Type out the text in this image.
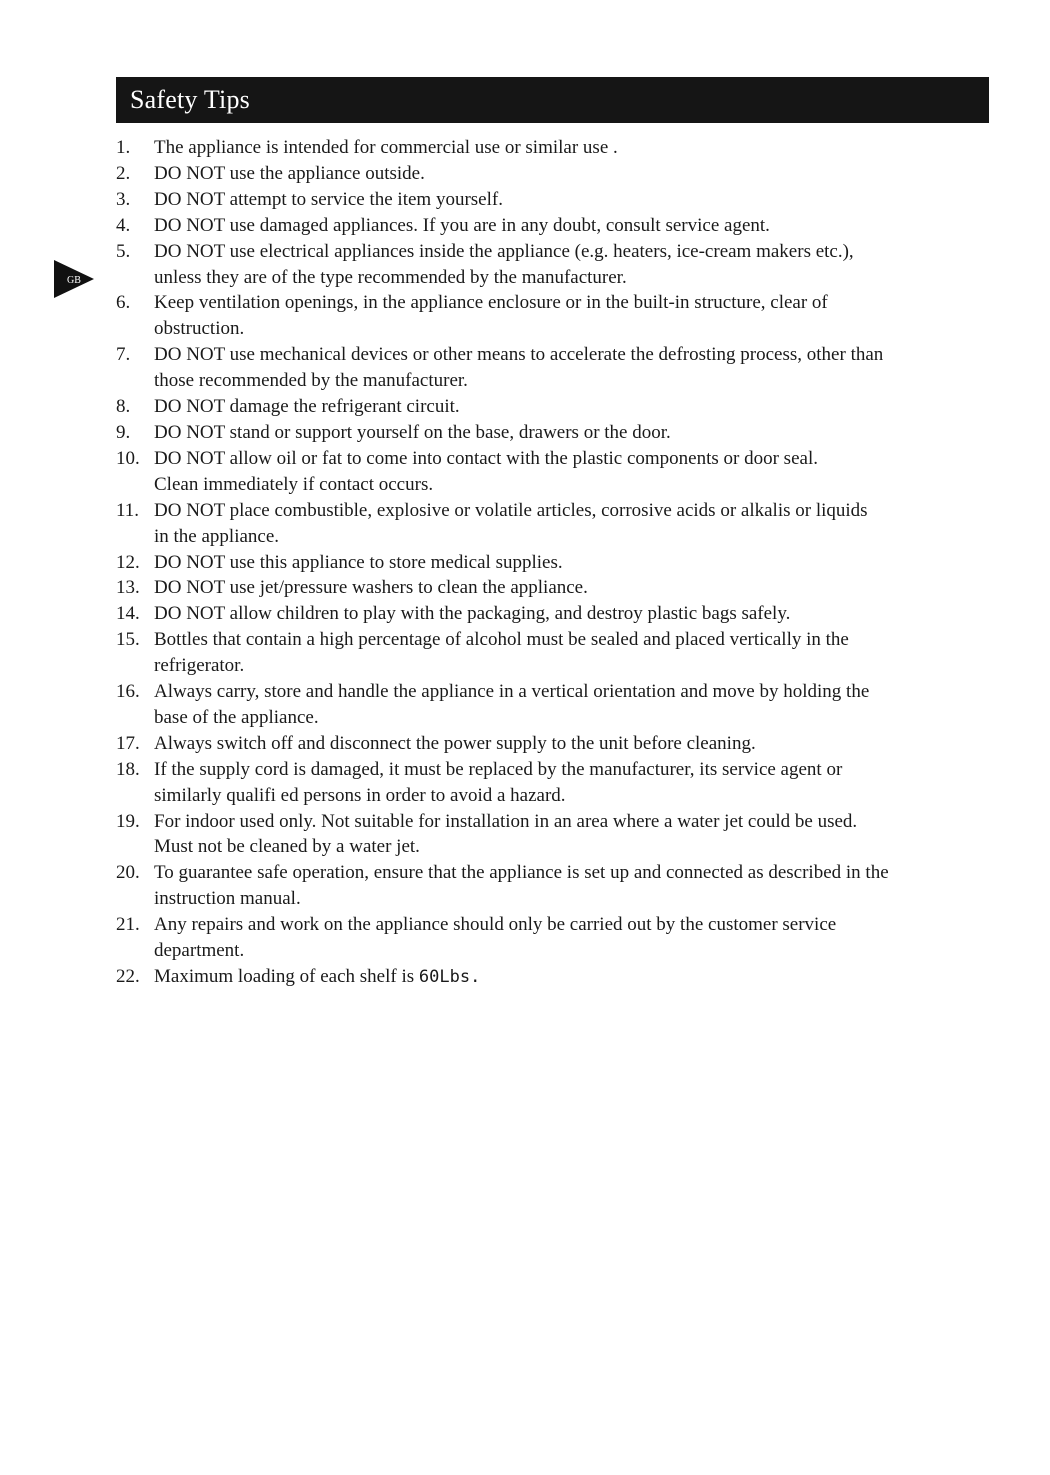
Safety Tips
GB
1. The appliance is intended for commercial use or similar use .
2. DO NOT use the appliance outside.
3. DO NOT attempt to service the item yourself.
4. DO NOT use damaged appliances. If you are in any doubt, consult service agent.
5. DO NOT use electrical appliances inside the appliance (e.g. heaters, ice-cream makers etc.),
unless they are of the type recommended by the manufacturer.
6. Keep ventilation openings, in the appliance enclosure or in the built-in structure, clear of
obstruction.
7. DO NOT use mechanical devices or other means to accelerate the defrosting process, other than
those recommended by the manufacturer.
8. DO NOT damage the refrigerant circuit.
9. DO NOT stand or support yourself on the base, drawers or the door.
10. DO NOT allow oil or fat to come into contact with the plastic components or door seal.
Clean immediately if contact occurs.
11. DO NOT place combustible, explosive or volatile articles, corrosive acids or alkalis or liquids
in the appliance.
12. DO NOT use this appliance to store medical supplies.
13. DO NOT use jet/pressure washers to clean the appliance.
14. DO NOT allow children to play with the packaging, and destroy plastic bags safely.
15. Bottles that contain a high percentage of alcohol must be sealed and placed vertically in the
refrigerator.
16. Always carry, store and handle the appliance in a vertical orientation and move by holding the
base of the appliance.
17. Always switch off and disconnect the power supply to the unit before cleaning.
18. If the supply cord is damaged, it must be replaced by the manufacturer, its service agent or
similarly qualifi ed persons in order to avoid a hazard.
19. For indoor used only. Not suitable for installation in an area where a water jet could be used.
Must not be cleaned by a water jet.
20. To guarantee safe operation, ensure that the appliance is set up and connected as described in the
instruction manual.
21. Any repairs and work on the appliance should only be carried out by the customer service
department.
22. Maximum loading of each shelf is 60Lbs.
